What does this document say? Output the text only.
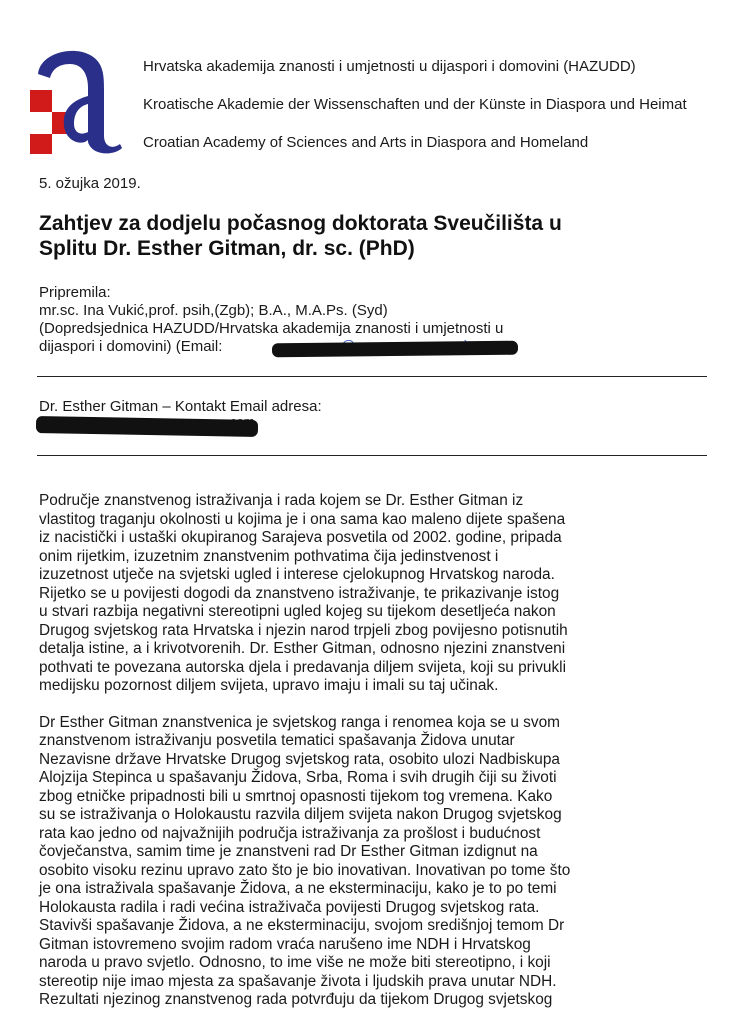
Hrvatska akademija znanosti i umjetnosti u dijaspori i domovini (HAZUDD)
Kroatische Akademie der Wissenschaften und der Künste in Diaspora und Heimat
Croatian Academy of Sciences and Arts in Diaspora and Homeland
5. ožujka 2019.
Zahtjev za dodjelu počasnog doktorata Sveučilišta u
Splitu Dr. Esther Gitman, dr. sc. (PhD)
Pripremila:
mr.sc. Ina Vukić,prof. psih,(Zgb); B.A., M.A.Ps. (Syd)
(Dopredsjednica HAZUDD/Hrvatska akademija znanosti i umjetnosti u
dijaspori i domovini) (Email:
Dr. Esther Gitman – Kontakt Email adresa:

Područje znanstvenog istraživanja i rada kojem se Dr. Esther Gitman iz
vlastitog traganju okolnosti u kojima je i ona sama kao maleno dijete spašena
iz nacističkі i ustaški okupiranog Sarajeva posvetila od 2002. godine, pripada
onim rijetkim, izuzetnim znanstvenim pothvatima čija jedinstvenost i
izuzetnost utječe na svjetski ugled i interese cjelokupnog Hrvatskog naroda.
Rijetko se u povijesti dogodi da znanstveno istraživanje, te prikazivanje istog
u stvari razbija negativni stereotipni ugled kojeg su tijekom desetljeća nakon
Drugog svjetskog rata Hrvatska i njezin narod trpjeli zbog povijesno potisnutih
detalja istine, a i krivotvorenih. Dr. Esther Gitman, odnosno njezini znanstveni
pothvati te povezana autorska djela i predavanja diljem svijeta, koji su privukli
medijsku pozornost diljem svijeta, upravo imaju i imali su taj učinak.

Dr Esther Gitman znanstvenica je svjetskog ranga i renomea koja se u svom
znanstvenom istraživanju posvetila tematici spašavanja Židova unutar
Nezavisne države Hrvatske Drugog svjetskog rata, osobito ulozi Nadbiskupa
Alojzija Stepinca u spašavanju Židova, Srba, Roma i svih drugih čiji su životi
zbog etničke pripadnosti bili u smrtnoj opasnosti tijekom tog vremena. Kako
su se istraživanja o Holokaustu razvila diljem svijeta nakon Drugog svjetskog
rata kao jedno od najvažnijih područja istraživanja za prošlost i budućnost
čovječanstva, samim time je znanstveni rad Dr Esther Gitman izdignut na
osobito visoku rezinu upravo zato što je bio inovativan. Inovativan po tome što
je ona istraživala spašavanje Židova, a ne eksterminaciju, kako je to po temi
Holokausta radila i radi većina istraživača povijesti Drugog svjetskog rata.
Stavivši spašavanje Židova, a ne eksterminaciju, svojom središnjoj temom Dr
Gitman istovremeno svojim radom vraća narušeno ime NDH i Hrvatskog
naroda u pravo svjetlo. Odnosno, to ime više ne može biti stereotipno, i koji
stereotip nije imao mjesta za spašavanje života i ljudskih prava unutar NDH.
Rezultati njezinog znanstvenog rada potvrđuju da tijekom Drugog svjetskog
